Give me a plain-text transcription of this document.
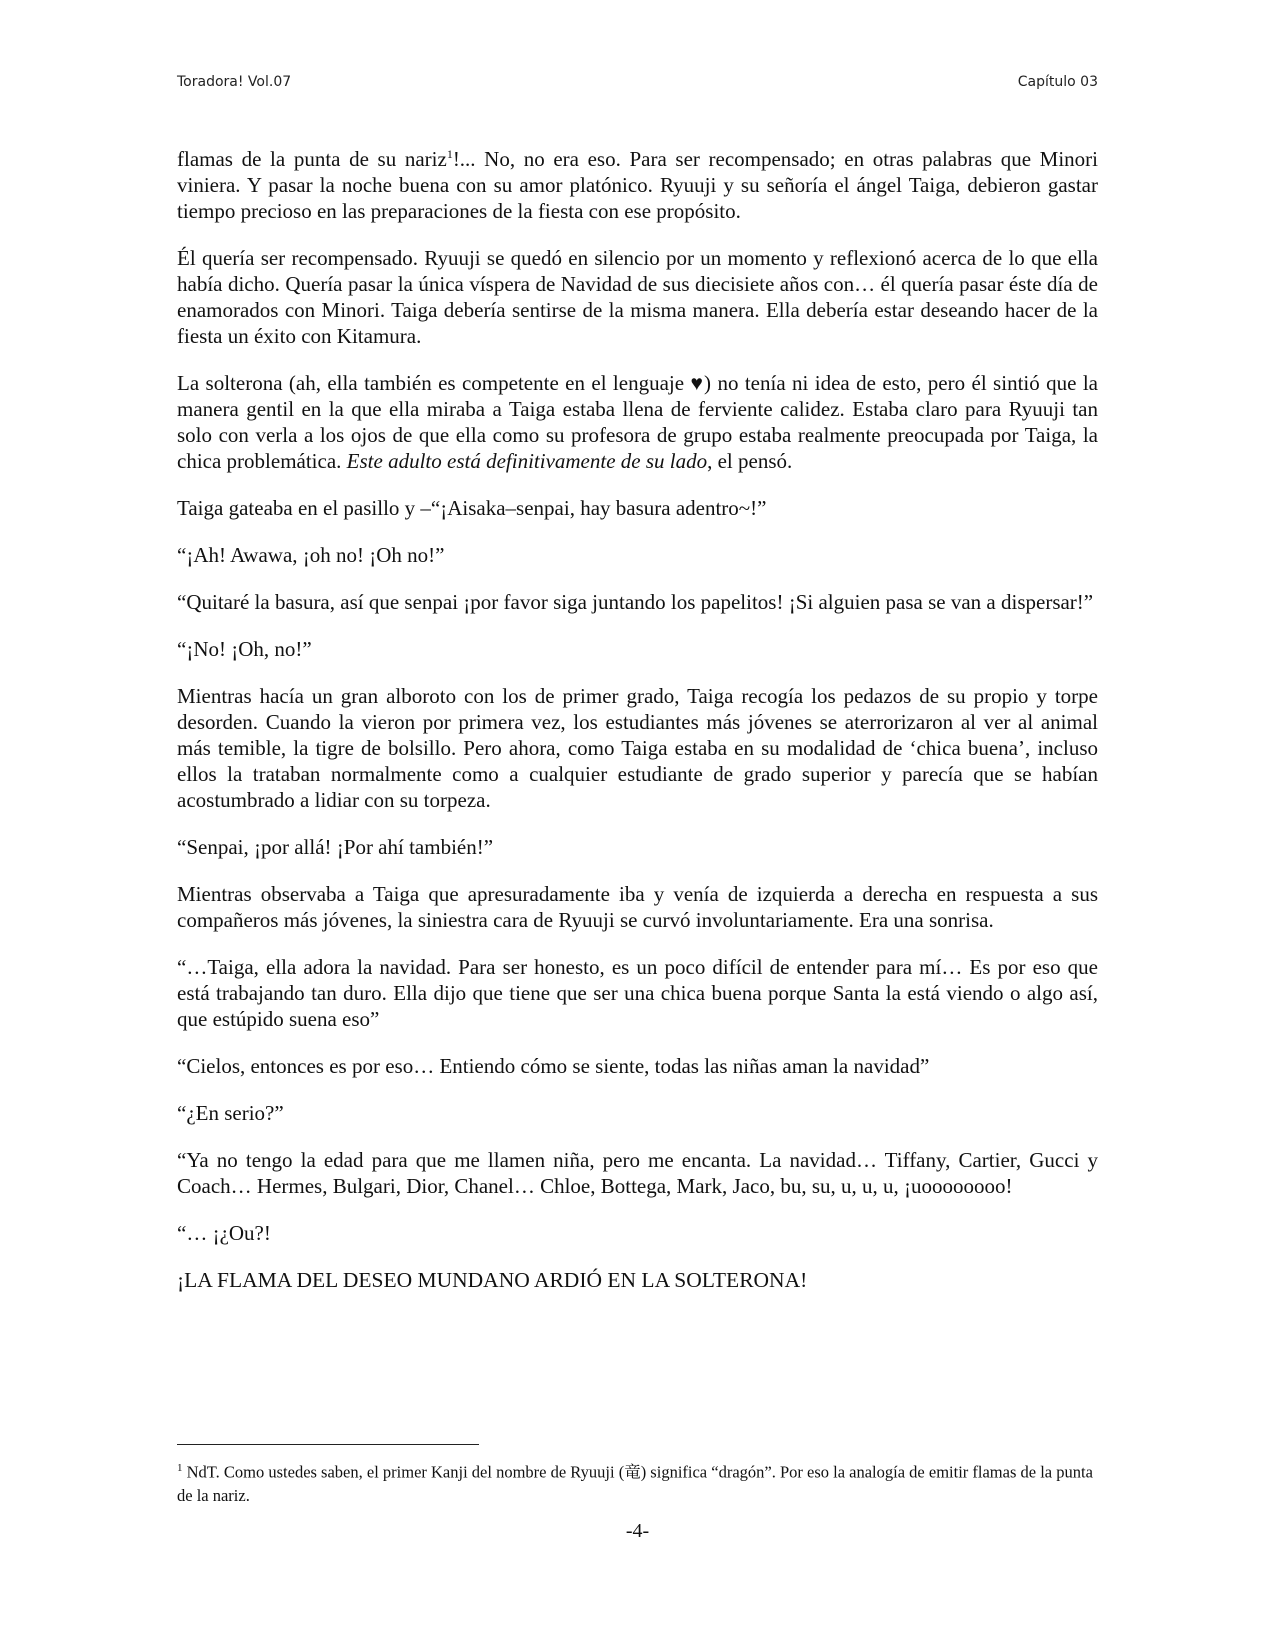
Toradora! Vol.07	Capítulo 03

flamas de la punta de su nariz$^1$!... No, no era eso. Para ser recompensado; en otras palabras que Minori viniera. Y pasar la noche buena con su amor platónico. Ryuuji y su señoría el ángel Taiga, debieron gastar tiempo precioso en las preparaciones de la fiesta con ese propósito.

Él quería ser recompensado. Ryuuji se quedó en silencio por un momento y reflexionó acerca de lo que ella había dicho. Quería pasar la única víspera de Navidad de sus diecisiete años con… él quería pasar éste día de enamorados con Minori. Taiga debería sentirse de la misma manera. Ella debería estar deseando hacer de la fiesta un éxito con Kitamura.

La solterona (ah, ella también es competente en el lenguaje ♥) no tenía ni idea de esto, pero él sintió que la manera gentil en la que ella miraba a Taiga estaba llena de ferviente calidez. Estaba claro para Ryuuji tan solo con verla a los ojos de que ella como su profesora de grupo estaba realmente preocupada por Taiga, la chica problemática. Este adulto está definitivamente de su lado, el pensó.

Taiga gateaba en el pasillo y –“¡Aisaka–senpai, hay basura adentro~!”

“¡Ah! Awawa, ¡oh no! ¡Oh no!”

“Quitaré la basura, así que senpai ¡por favor siga juntando los papelitos! ¡Si alguien pasa se van a dispersar!”

“¡No! ¡Oh, no!”

Mientras hacía un gran alboroto con los de primer grado, Taiga recogía los pedazos de su propio y torpe desorden. Cuando la vieron por primera vez, los estudiantes más jóvenes se aterrorizaron al ver al animal más temible, la tigre de bolsillo. Pero ahora, como Taiga estaba en su modalidad de ‘chica buena’, incluso ellos la trataban normalmente como a cualquier estudiante de grado superior y parecía que se habían acostumbrado a lidiar con su torpeza.

“Senpai, ¡por allá! ¡Por ahí también!”

Mientras observaba a Taiga que apresuradamente iba y venía de izquierda a derecha en respuesta a sus compañeros más jóvenes, la siniestra cara de Ryuuji se curvó involuntariamente. Era una sonrisa.

“…Taiga, ella adora la navidad. Para ser honesto, es un poco difícil de entender para mí… Es por eso que está trabajando tan duro. Ella dijo que tiene que ser una chica buena porque Santa la está viendo o algo así, que estúpido suena eso”

“Cielos, entonces es por eso… Entiendo cómo se siente, todas las niñas aman la navidad”

“¿En serio?”

“Ya no tengo la edad para que me llamen niña, pero me encanta. La navidad… Tiffany, Cartier, Gucci y Coach… Hermes, Bulgari, Dior, Chanel… Chloe, Bottega, Mark, Jaco, bu, su, u, u, u, ¡uoooooooo!

“… ¡¿Ou?!

¡LA FLAMA DEL DESEO MUNDANO ARDIÓ EN LA SOLTERONA!

$^1$ NdT. Como ustedes saben, el primer Kanji del nombre de Ryuuji (竜) significa “dragón”. Por eso la analogía de emitir flamas de la punta de la nariz.
-4-
